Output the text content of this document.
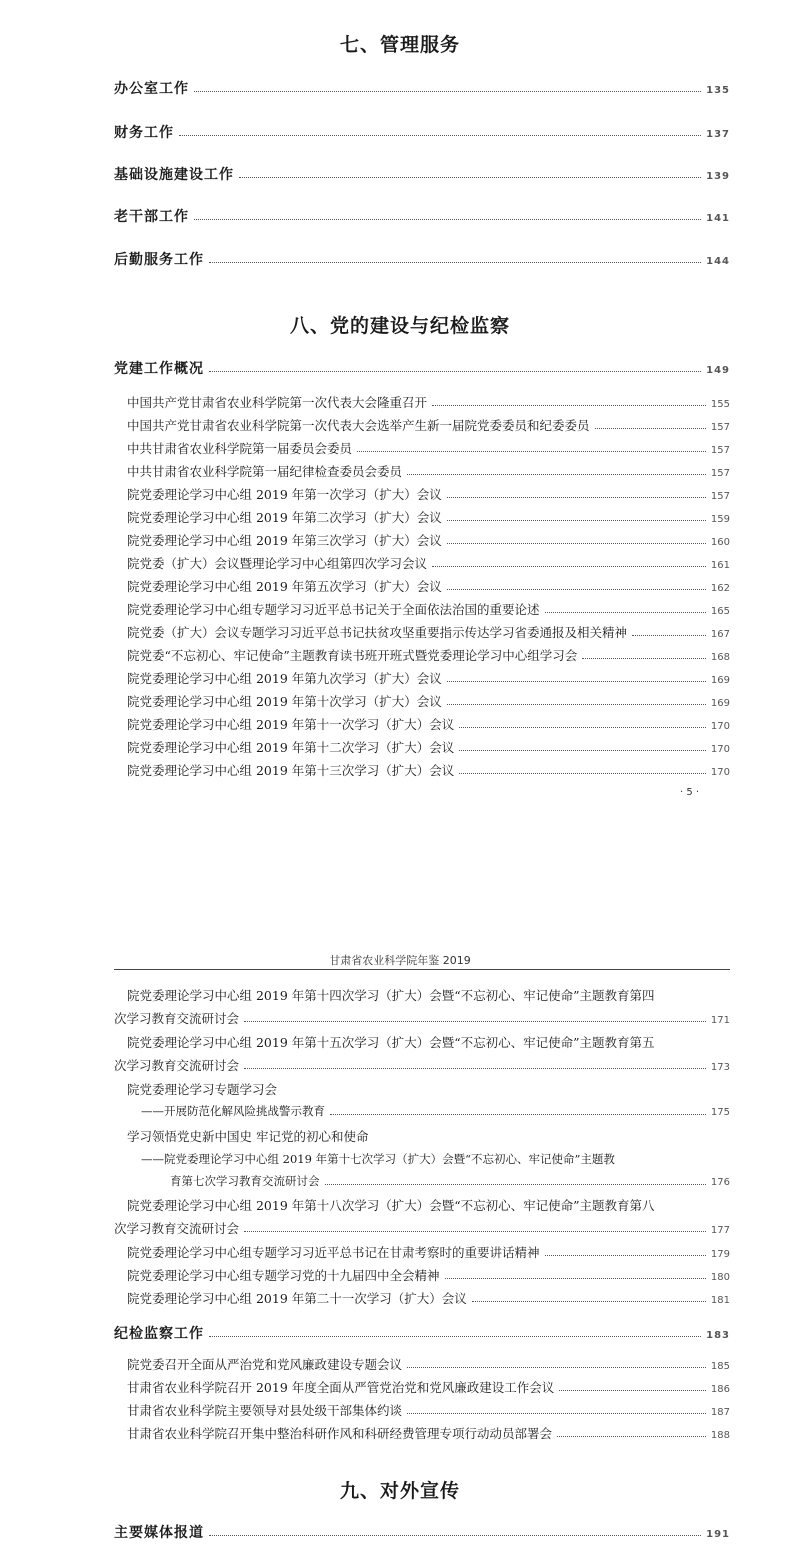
七、管理服务
办公室工作	135
财务工作	137
基础设施建设工作	139
老干部工作	141
后勤服务工作	144
八、党的建设与纪检监察
党建工作概况	149
中国共产党甘肃省农业科学院第一次代表大会隆重召开	155
中国共产党甘肃省农业科学院第一次代表大会选举产生新一届院党委委员和纪委委员	157
中共甘肃省农业科学院第一届委员会委员	157
中共甘肃省农业科学院第一届纪律检查委员会委员	157
院党委理论学习中心组 2019 年第一次学习（扩大）会议	157
院党委理论学习中心组 2019 年第二次学习（扩大）会议	159
院党委理论学习中心组 2019 年第三次学习（扩大）会议	160
院党委（扩大）会议暨理论学习中心组第四次学习会议	161
院党委理论学习中心组 2019 年第五次学习（扩大）会议	162
院党委理论学习中心组专题学习习近平总书记关于全面依法治国的重要论述	165
院党委（扩大）会议专题学习习近平总书记扶贫攻坚重要指示传达学习省委通报及相关精神	167
院党委“不忘初心、牢记使命”主题教育读书班开班式暨党委理论学习中心组学习会	168
院党委理论学习中心组 2019 年第九次学习（扩大）会议	169
院党委理论学习中心组 2019 年第十次学习（扩大）会议	169
院党委理论学习中心组 2019 年第十一次学习（扩大）会议	170
院党委理论学习中心组 2019 年第十二次学习（扩大）会议	170
院党委理论学习中心组 2019 年第十三次学习（扩大）会议	170
· 5 ·
甘肃省农业科学院年鉴 2019
院党委理论学习中心组 2019 年第十四次学习（扩大）会暨“不忘初心、牢记使命”主题教育第四
次学习教育交流研讨会	171
院党委理论学习中心组 2019 年第十五次学习（扩大）会暨“不忘初心、牢记使命”主题教育第五
次学习教育交流研讨会	173
院党委理论学习专题学习会
——开展防范化解风险挑战警示教育	175
学习领悟党史新中国史 牢记党的初心和使命
——院党委理论学习中心组 2019 年第十七次学习（扩大）会暨“不忘初心、牢记使命”主题教
育第七次学习教育交流研讨会	176
院党委理论学习中心组 2019 年第十八次学习（扩大）会暨“不忘初心、牢记使命”主题教育第八
次学习教育交流研讨会	177
院党委理论学习中心组专题学习习近平总书记在甘肃考察时的重要讲话精神	179
院党委理论学习中心组专题学习党的十九届四中全会精神	180
院党委理论学习中心组 2019 年第二十一次学习（扩大）会议	181
纪检监察工作	183
院党委召开全面从严治党和党风廉政建设专题会议	185
甘肃省农业科学院召开 2019 年度全面从严管党治党和党风廉政建设工作会议	186
甘肃省农业科学院主要领导对县处级干部集体约谈	187
甘肃省农业科学院召开集中整治科研作风和科研经费管理专项行动动员部署会	188
九、对外宣传
主要媒体报道	191
